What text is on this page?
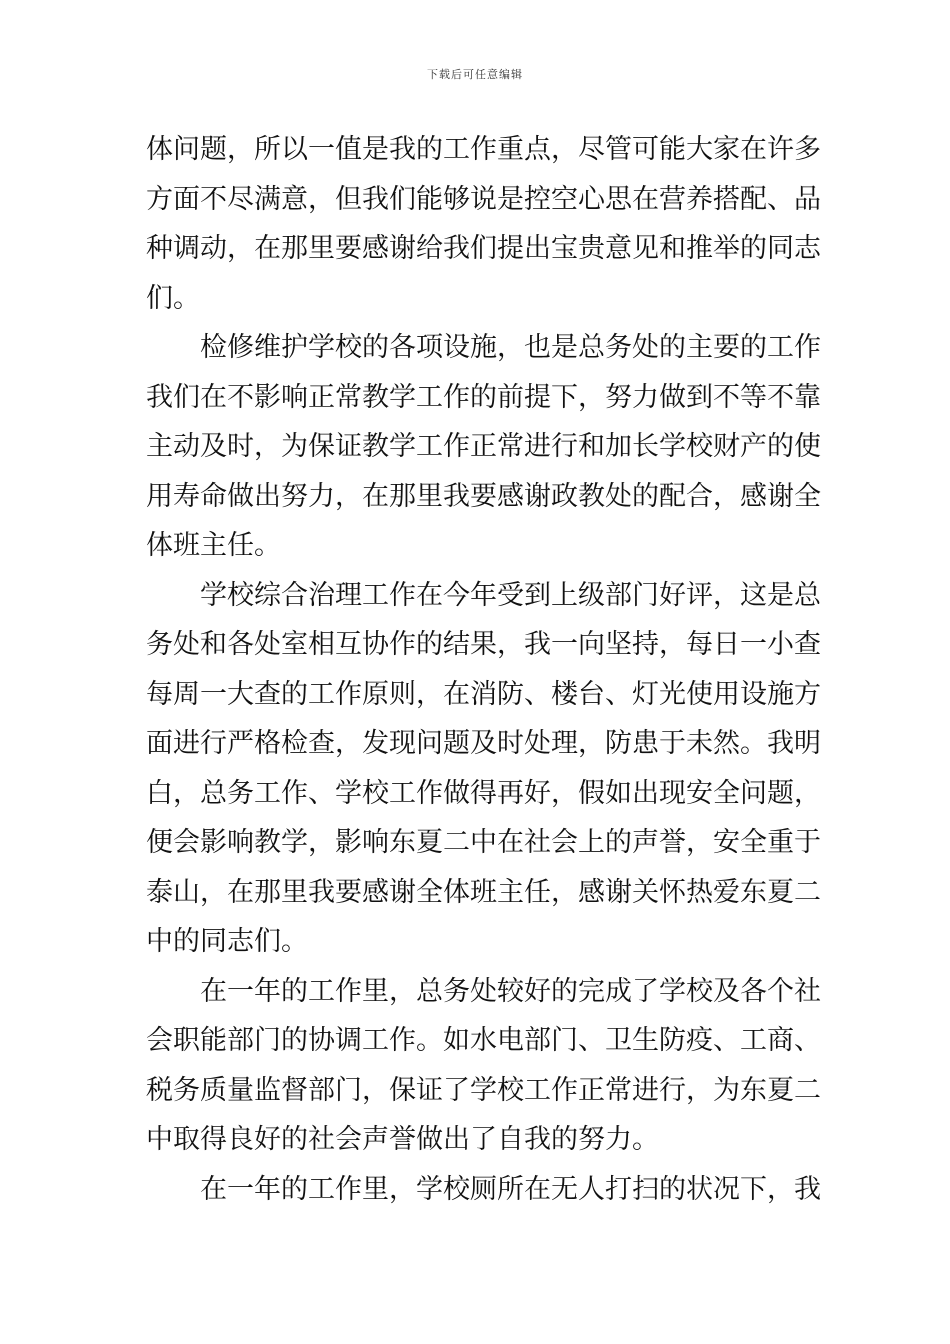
下载后可任意编辑
体问题，所以一值是我的工作重点，尽管可能大家在许多
方面不尽满意，但我们能够说是控空心思在营养搭配、品
种调动，在那里要感谢给我们提出宝贵意见和推举的同志
们。
检修维护学校的各项设施，也是总务处的主要的工作
我们在不影响正常教学工作的前提下，努力做到不等不靠
主动及时，为保证教学工作正常进行和加长学校财产的使
用寿命做出努力，在那里我要感谢政教处的配合，感谢全
体班主任。
学校综合治理工作在今年受到上级部门好评，这是总
务处和各处室相互协作的结果，我一向坚持，每日一小查
每周一大查的工作原则，在消防、楼台、灯光使用设施方
面进行严格检查，发现问题及时处理，防患于未然。我明
白，总务工作、学校工作做得再好，假如出现安全问题，
便会影响教学，影响东夏二中在社会上的声誉，安全重于
泰山，在那里我要感谢全体班主任，感谢关怀热爱东夏二
中的同志们。
在一年的工作里，总务处较好的完成了学校及各个社
会职能部门的协调工作。如水电部门、卫生防疫、工商、
税务质量监督部门，保证了学校工作正常进行，为东夏二
中取得良好的社会声誉做出了自我的努力。
在一年的工作里，学校厕所在无人打扫的状况下，我
